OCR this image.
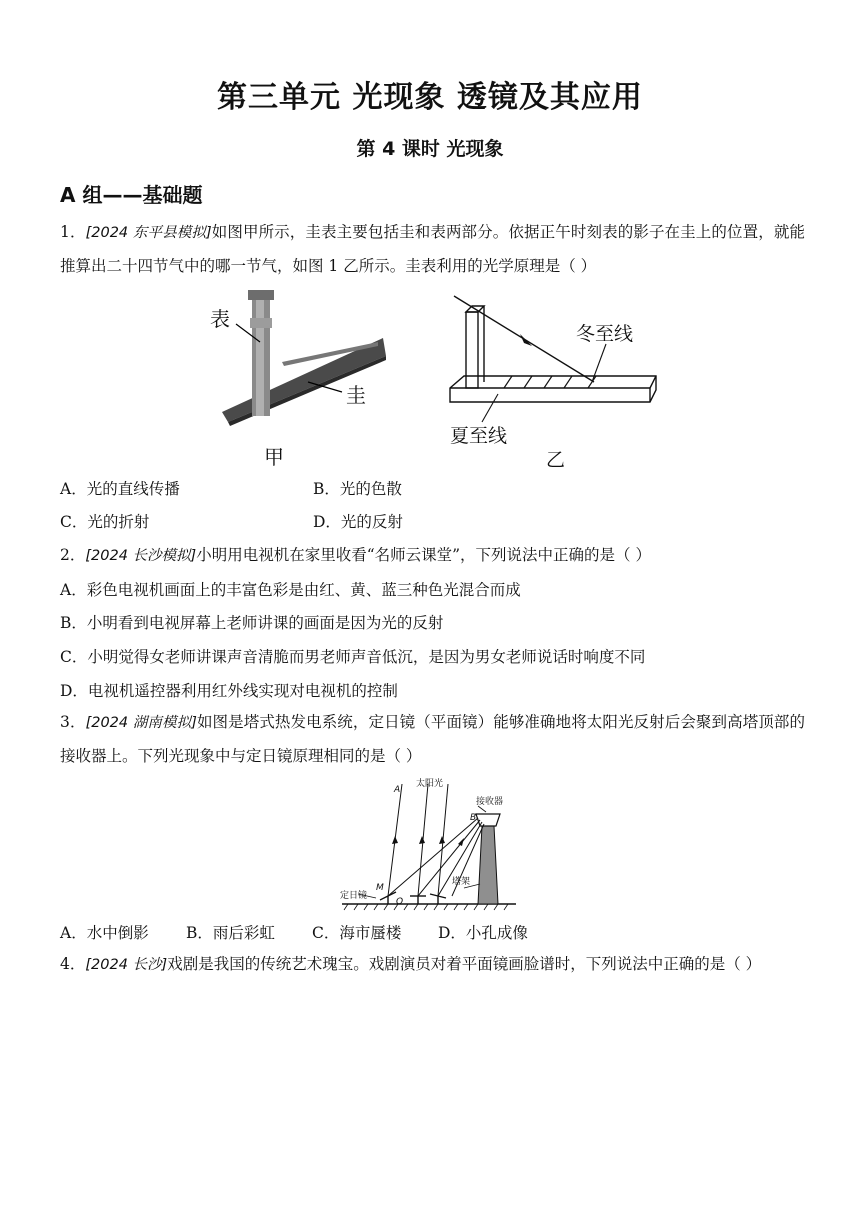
第三单元 光现象 透镜及其应用
第 4 课时 光现象
A 组——基础题
1．[2024 东平县模拟]如图甲所示，圭表主要包括圭和表两部分。依据正午时刻表的影子在圭上的位置，就能推算出二十四节气中的哪一节气，如图 1 乙所示。圭表利用的光学原理是（ ）
表
圭
甲
冬至线
夏至线
乙
A．光的直线传播	B．光的色散
C．光的折射	D．光的反射
2．[2024 长沙模拟]小明用电视机在家里收看“名师云课堂”，下列说法中正确的是（ ）
A．彩色电视机画面上的丰富色彩是由红、黄、蓝三种色光混合而成
B．小明看到电视屏幕上老师讲课的画面是因为光的反射
C．小明觉得女老师讲课声音清脆而男老师声音低沉，是因为男女老师说话时响度不同
D．电视机遥控器利用红外线实现对电视机的控制
3．[2024 湖南模拟]如图是塔式热发电系统，定日镜（平面镜）能够准确地将太阳光反射后会聚到高塔顶部的接收器上。下列光现象中与定日镜原理相同的是（ ）
A
太阳光
接收器
B
塔架
M
O
定日镜
A．水中倒影 B．雨后彩虹 C．海市蜃楼 D．小孔成像
4．[2024 长沙]戏剧是我国的传统艺术瑰宝。戏剧演员对着平面镜画脸谱时，下列说法中正确的是（ ）
